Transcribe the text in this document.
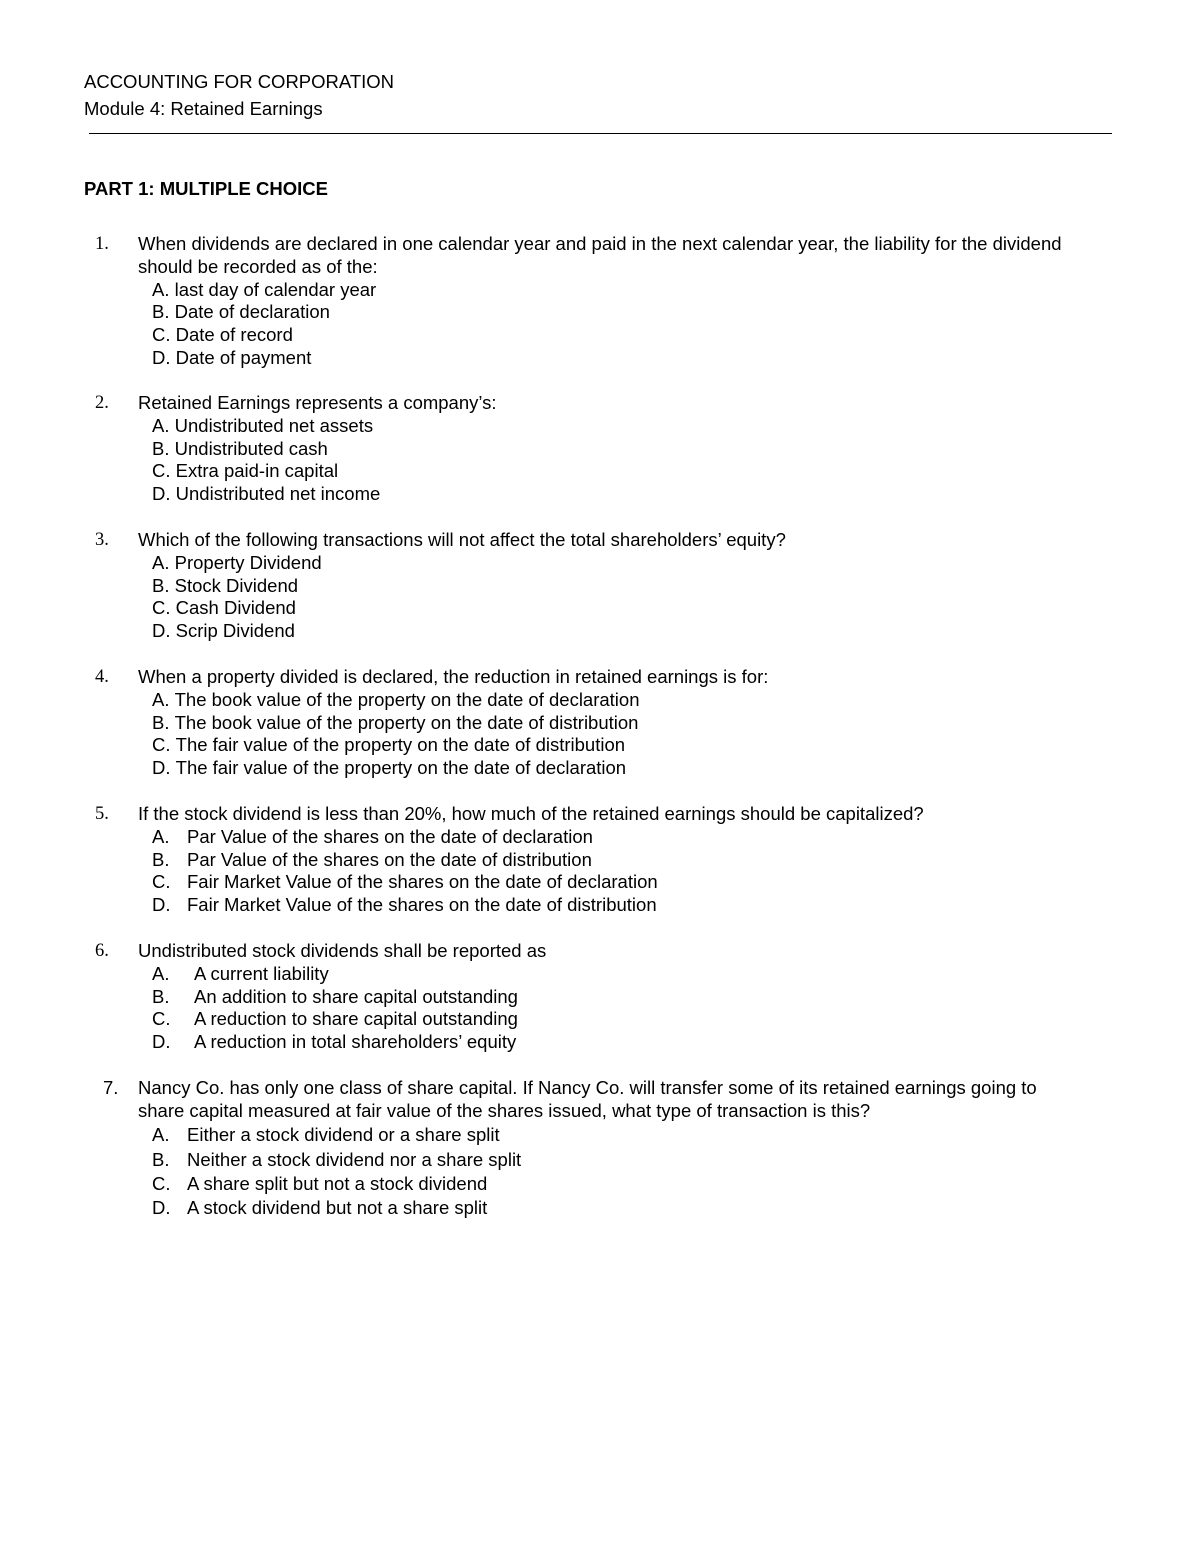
ACCOUNTING FOR CORPORATION
Module 4: Retained Earnings
PART 1: MULTIPLE CHOICE
1. When dividends are declared in one calendar year and paid in the next calendar year, the liability for the dividend
should be recorded as of the:
A. last day of calendar year
B. Date of declaration
C. Date of record
D. Date of payment
2. Retained Earnings represents a company’s:
A. Undistributed net assets
B. Undistributed cash
C. Extra paid-in capital
D. Undistributed net income
3. Which of the following transactions will not affect the total shareholders’ equity?
A. Property Dividend
B. Stock Dividend
C. Cash Dividend
D. Scrip Dividend
4. When a property divided is declared, the reduction in retained earnings is for:
A. The book value of the property on the date of declaration
B. The book value of the property on the date of distribution
C. The fair value of the property on the date of distribution
D. The fair value of the property on the date of declaration
5. If the stock dividend is less than 20%, how much of the retained earnings should be capitalized?
A. Par Value of the shares on the date of declaration
B. Par Value of the shares on the date of distribution
C. Fair Market Value of the shares on the date of declaration
D. Fair Market Value of the shares on the date of distribution
6. Undistributed stock dividends shall be reported as
A. A current liability
B. An addition to share capital outstanding
C. A reduction to share capital outstanding
D. A reduction in total shareholders’ equity
7. Nancy Co. has only one class of share capital. If Nancy Co. will transfer some of its retained earnings going to
share capital measured at fair value of the shares issued, what type of transaction is this?
A. Either a stock dividend or a share split
B. Neither a stock dividend nor a share split
C. A share split but not a stock dividend
D. A stock dividend but not a share split
